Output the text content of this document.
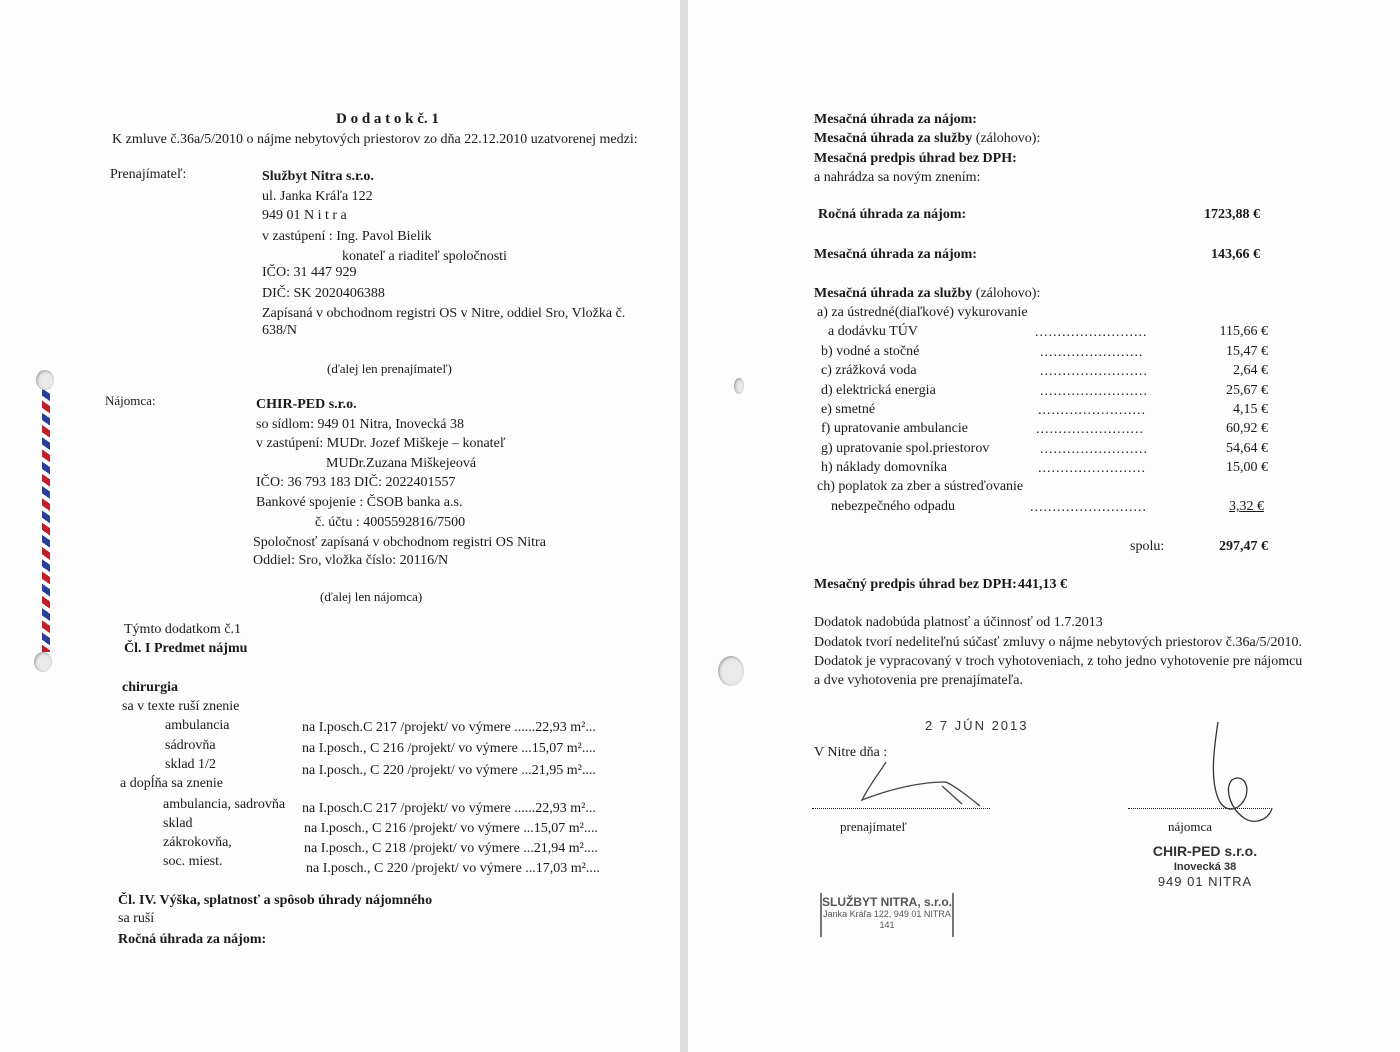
D o d a t o k č. 1
K zmluve č.36a/5/2010 o nájme nebytových priestorov zo dňa 22.12.2010 uzatvorenej medzi:
Prenajímateľ:	Službyt Nitra s.r.o.
ul. Janka Kráľa 122
949 01 N i t r a
v zastúpení : Ing. Pavol Bielik
konateľ a riaditeľ spoločnosti
IČO: 31 447 929
DIČ: SK 2020406388
Zapísaná v obchodnom registri OS v Nitre, oddiel Sro, Vložka č.
638/N
(ďalej len prenajímateľ)
Nájomca:	CHIR-PED s.r.o.
so sídlom: 949 01 Nitra, Inovecká 38
v zastúpení: MUDr. Jozef Miškeje – konateľ
MUDr.Zuzana Miškejeová
IČO: 36 793 183 DIČ: 2022401557
Bankové spojenie : ČSOB banka a.s.
č. účtu : 4005592816/7500
Spoločnosť zapísaná v obchodnom registri OS Nitra
Oddiel: Sro, vložka číslo: 20116/N
(ďalej len nájomca)
Týmto dodatkom č.1
Čl. I Predmet nájmu
chirurgia
sa v texte ruší znenie
ambulancia	na I.posch.C 217 /projekt/ vo výmere ......22,93 m²...
sádrovňa	na I.posch., C 216 /projekt/ vo výmere ...15,07 m²....
sklad 1/2	na I.posch., C 220 /projekt/ vo výmere ...21,95 m²....
a dopĺňa sa znenie
ambulancia, sadrovňa na I.posch.C 217 /projekt/ vo výmere ......22,93 m²...
sklad	na I.posch., C 216 /projekt/ vo výmere ...15,07 m²....
zákrokovňa,	na I.posch., C 218 /projekt/ vo výmere ...21,94 m²....
soc. miest.	na I.posch., C 220 /projekt/ vo výmere ...17,03 m²....
Čl. IV. Výška, splatnosť a spôsob úhrady nájomného
sa ruší
Ročná úhrada za nájom:
Mesačná úhrada za nájom:
Mesačná úhrada za služby (zálohovo):
Mesačná predpis úhrad bez DPH:
a nahrádza sa novým znením:
Ročná úhrada za nájom:	1723,88 €
Mesačná úhrada za nájom:	143,66 €
Mesačná úhrada za služby (zálohovo):
a) za ústredné(diaľkové) vykurovanie
a dodávku TÚV	.........................	115,66 €
b) vodné a stočné	.......................	15,47 €
c) zrážková voda	........................	2,64 €
d) elektrická energia	........................	25,67 €
e) smetné	........................	4,15 €
f) upratovanie ambulancie	........................	60,92 €
g) upratovanie spol.priestorov	........................	54,64 €
h) náklady domovníka	........................	15,00 €
ch) poplatok za zber a sústreďovanie
nebezpečného odpadu	..........................	3,32 €
spolu:	297,47 €
Mesačný predpis úhrad bez DPH: 441,13 €
Dodatok nadobúda platnosť a účinnosť od 1.7.2013
Dodatok tvorí nedeliteľnú súčasť zmluvy o nájme nebytových priestorov č.36a/5/2010.
Dodatok je vypracovaný v troch vyhotoveniach, z toho jedno vyhotovenie pre nájomcu
a dve vyhotovenia pre prenajímateľa.
2 7 JÚN 2013
V Nitre dňa :
prenajímateľ	nájomca
CHIR-PED s.r.o.
Inovecká 38
949 01 NITRA
SLUŽBYT NITRA, s.r.o.
Janka Kráľa 122, 949 01 NITRA
141
